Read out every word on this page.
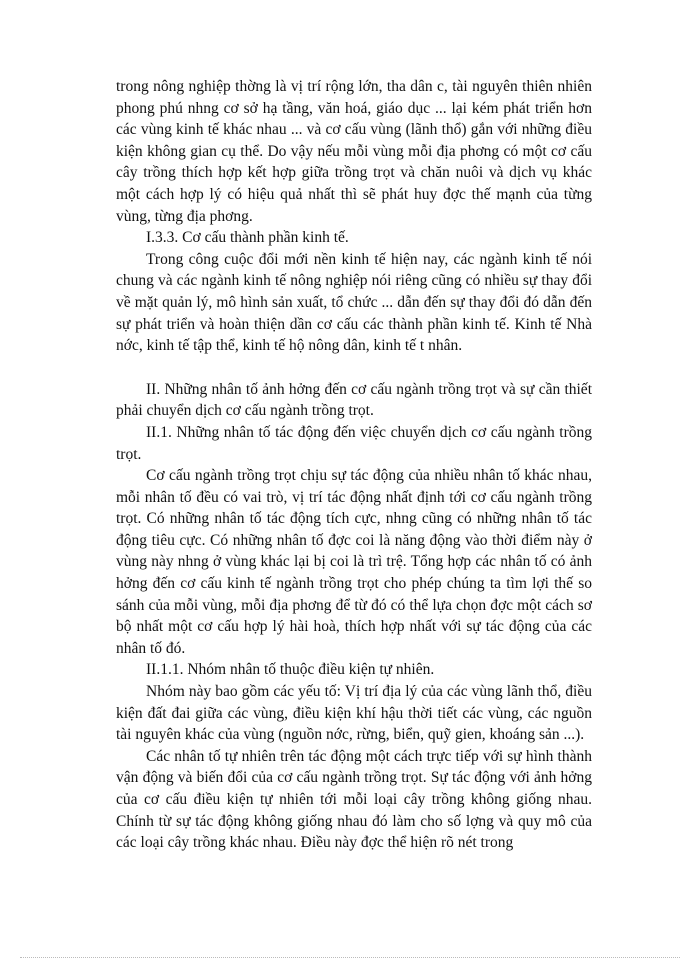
trong nông nghiệp thờng là vị trí rộng lớn, tha dân c, tài nguyên thiên nhiên phong phú nhng cơ sở hạ tầng, văn hoá, giáo dục ... lại kém phát triển hơn các vùng kinh tế khác nhau ... và cơ cấu vùng (lãnh thổ) gắn với những điều kiện không gian cụ thể. Do vậy nếu mỗi vùng mỗi địa phơng có một cơ cấu cây trồng thích hợp kết hợp giữa trồng trọt và chăn nuôi và dịch vụ khác một cách hợp lý có hiệu quả nhất thì sẽ phát huy đợc thế mạnh của từng vùng, từng địa phơng.

I.3.3. Cơ cấu thành phần kinh tế.

Trong công cuộc đổi mới nền kinh tế hiện nay, các ngành kinh tế nói chung và các ngành kinh tế nông nghiệp nói riêng cũng có nhiều sự thay đổi về mặt quản lý, mô hình sản xuất, tổ chức ... dẫn đến sự thay đổi đó dẫn đến sự phát triển và hoàn thiện dần cơ cấu các thành phần kinh tế. Kinh tế Nhà nớc, kinh tế tập thể, kinh tế hộ nông dân, kinh tế t nhân.

II. Những nhân tố ảnh hởng đến cơ cấu ngành trồng trọt và sự cần thiết phải chuyển dịch cơ cấu ngành trồng trọt.

II.1. Những nhân tố tác động đến việc chuyển dịch cơ cấu ngành trồng trọt.

Cơ cấu ngành trồng trọt chịu sự tác động của nhiều nhân tố khác nhau, mỗi nhân tố đều có vai trò, vị trí tác động nhất định tới cơ cấu ngành trồng trọt. Có những nhân tố tác động tích cực, nhng cũng có những nhân tố tác động tiêu cực. Có những nhân tố đợc coi là năng động vào thời điểm này ở vùng này nhng ở vùng khác lại bị coi là trì trệ. Tổng hợp các nhân tố có ảnh hởng đến cơ cấu kinh tế ngành trồng trọt cho phép chúng ta tìm lợi thế so sánh của mỗi vùng, mỗi địa phơng để từ đó có thể lựa chọn đợc một cách sơ bộ nhất một cơ cấu hợp lý hài hoà, thích hợp nhất với sự tác động của các nhân tố đó.

II.1.1. Nhóm nhân tố thuộc điều kiện tự nhiên.

Nhóm này bao gồm các yếu tố: Vị trí địa lý của các vùng lãnh thổ, điều kiện đất đai giữa các vùng, điều kiện khí hậu thời tiết các vùng, các nguồn tài nguyên khác của vùng (nguồn nớc, rừng, biển, quỹ gien, khoáng sản ...).

Các nhân tố tự nhiên trên tác động một cách trực tiếp với sự hình thành vận động và biến đổi của cơ cấu ngành trồng trọt. Sự tác động với ảnh hởng của cơ cấu điều kiện tự nhiên tới mỗi loại cây trồng không giống nhau. Chính từ sự tác động không giống nhau đó làm cho số lợng và quy mô của các loại cây trồng khác nhau. Điều này đợc thể hiện rõ nét trong
